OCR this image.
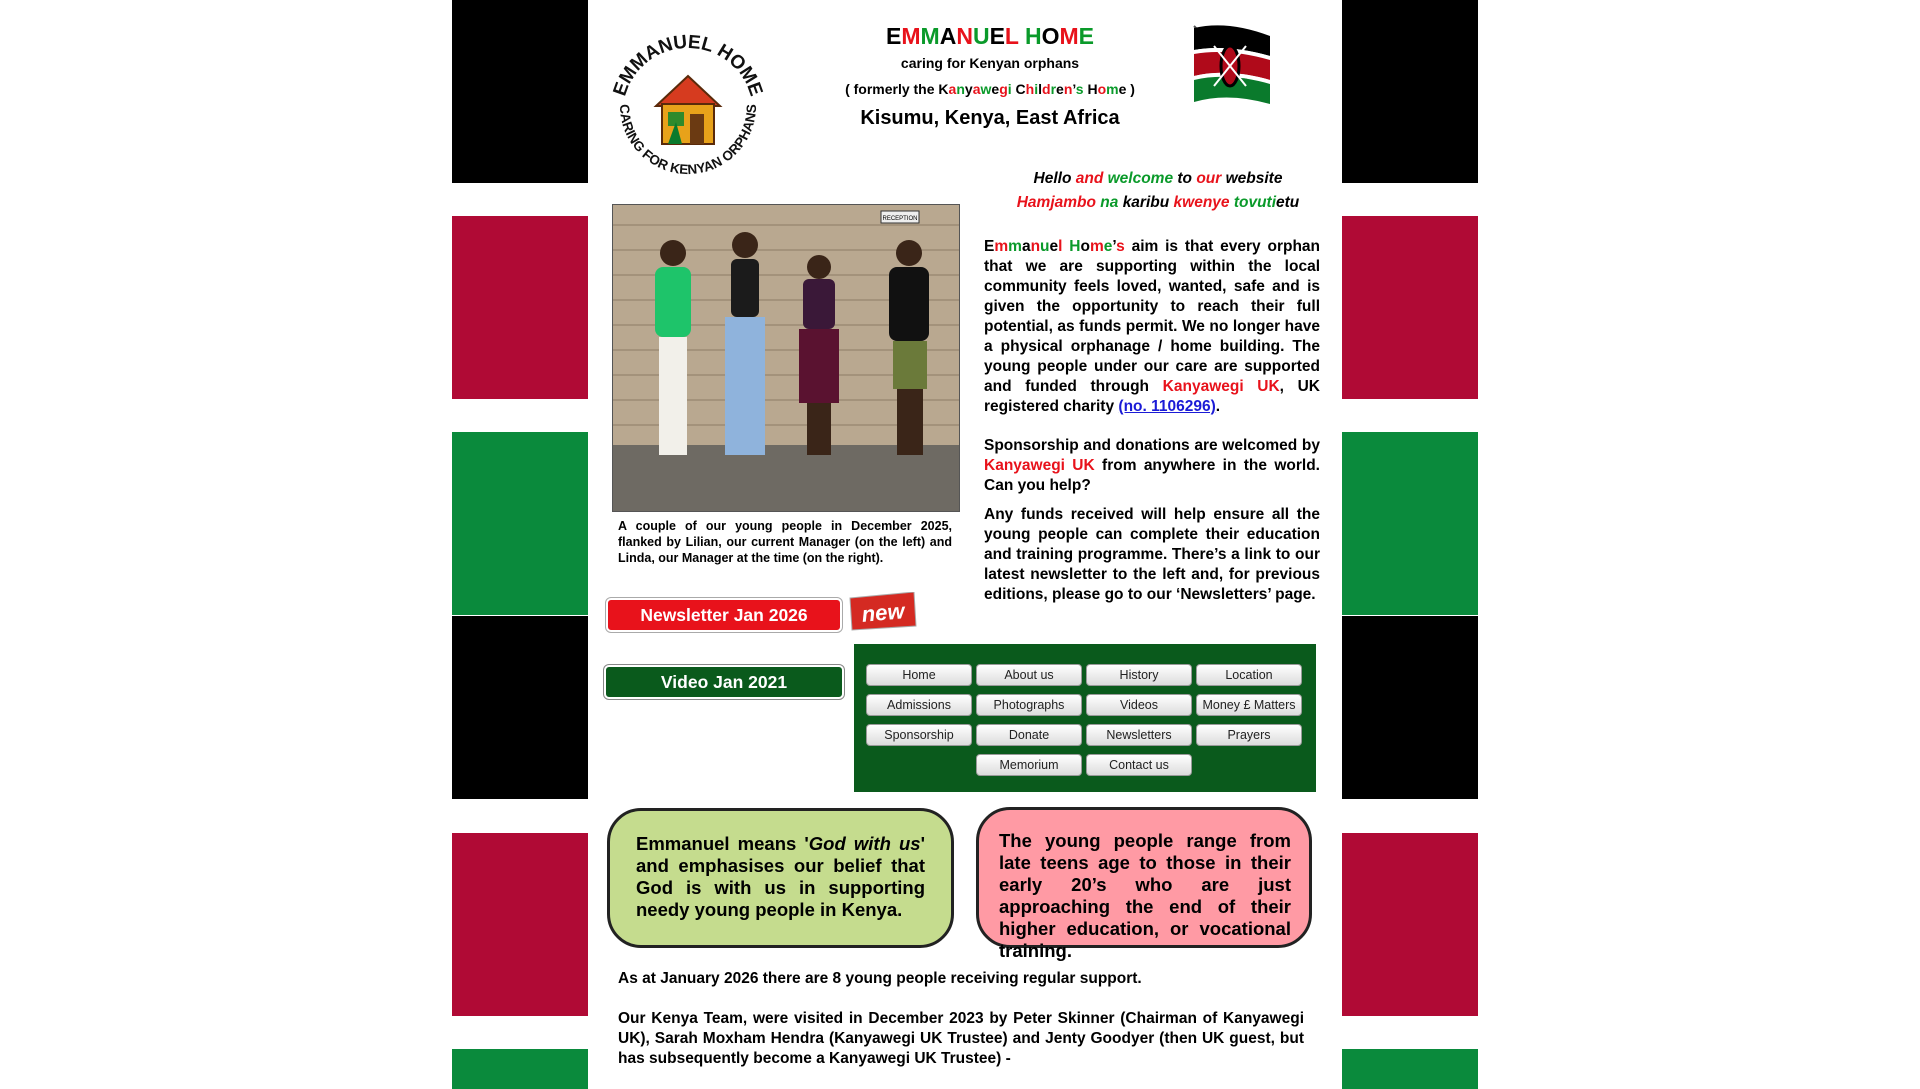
EMMANUEL HOME
CARING FOR KENYAN ORPHANS
EMMANUEL HOME
caring for Kenyan orphans
( formerly the Kanyawegi Children’s Home )
Kisumu, Kenya, East Africa
Hello and welcome to our website
Hamjambo na karibu kwenye tovutietu
RECEPTION
A couple of our young people in December 2025, flanked by Lilian, our current Manager (on the left) and Linda, our Manager at the time (on the right).
Emmanuel Home’s aim is that every orphan that we are supporting within the local community feels loved, wanted, safe and is given the opportunity to reach their full potential, as funds permit. We no longer have a physical orphanage / home building. The young people under our care are supported and funded through Kanyawegi UK, UK registered charity (no. 1106296).
Sponsorship and donations are welcomed by Kanyawegi UK from anywhere in the world. Can you help?
Any funds received will help ensure all the young people can complete their education and training programme. There’s a link to our latest newsletter to the left and, for previous editions, please go to our ‘Newsletters’ page.
Newsletter Jan 2026	new
Video Jan 2021	Home	About us	History	Location
Admissions	Photographs	Videos	Money £ Matters
Sponsorship	Donate	Newsletters	Prayers
Memorium	Contact us
Emmanuel means 'God with us' and emphasises our belief that God is with us in supporting needy young people in Kenya.
The young people range from late teens age to those in their early 20’s who are just approaching the end of their higher education, or vocational training.
As at January 2026 there are 8 young people receiving regular support.
Our Kenya Team, were visited in December 2023 by Peter Skinner (Chairman of Kanyawegi UK), Sarah Moxham Hendra (Kanyawegi UK Trustee) and Jenty Goodyer (then UK guest, but has subsequently become a Kanyawegi UK Trustee) -
